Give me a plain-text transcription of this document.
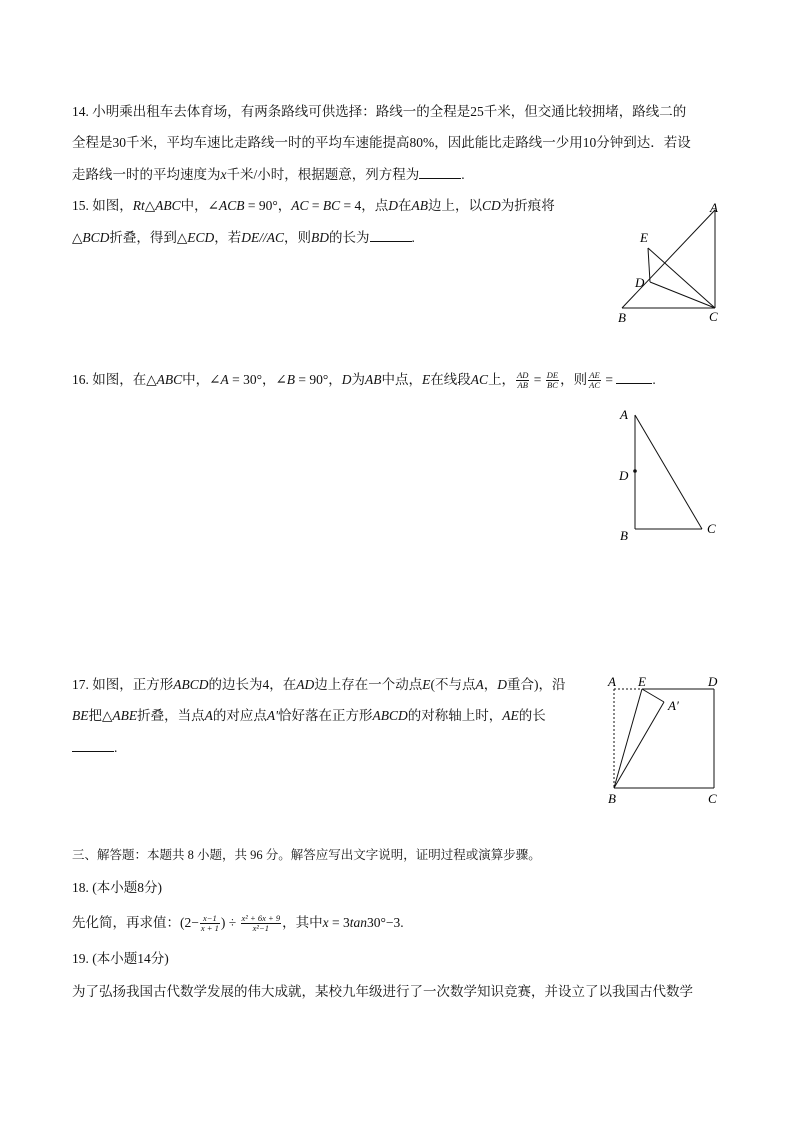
14. 小明乘出租车去体育场，有两条路线可供选择：路线一的全程是25千米，但交通比较拥堵，路线二的
全程是30千米，平均车速比走路线一时的平均车速能提高80%，因此能比走路线一少用10分钟到达．若设
走路线一时的平均速度为x千米/小时，根据题意，列方程为	.
15. 如图，Rt△ABC中，∠ACB = 90°，AC = BC = 4，点D在AB边上，以CD为折痕将
△BCD折叠，得到△ECD，若DE//AC，则BD的长为	.
A
E
D
B	C
16. 如图，在△ABC中，∠A = 30°，∠B = 90°，D为AB中点，E在线段AC上， $\frac{AD}{AB} = \frac{DE}{BC}$ ，则 $\frac{AE}{AC}$ =	.
A
D
B	C
17. 如图，正方形ABCD的边长为4，在AD边上存在一个动点E(不与点A，D重合)，沿
BE把△ABE折叠，当点A的对应点A'恰好落在正方形ABCD的对称轴上时，AE的长
.
A E	D
A′
B	C
三、解答题：本题共 8 小题，共 96 分。解答应写出文字说明，证明过程或演算步骤。
18. (本小题8分)
先化简，再求值：($2- \frac{x-1}{x + 1}$ ) ÷ $\frac{\text{x² + 6x + 9}}{\text{x²−1}}$ ，其中x = 3tan30°−3.
19. (本小题14分)
为了弘扬我国古代数学发展的伟大成就，某校九年级进行了一次数学知识竞赛，并设立了以我国古代数学
